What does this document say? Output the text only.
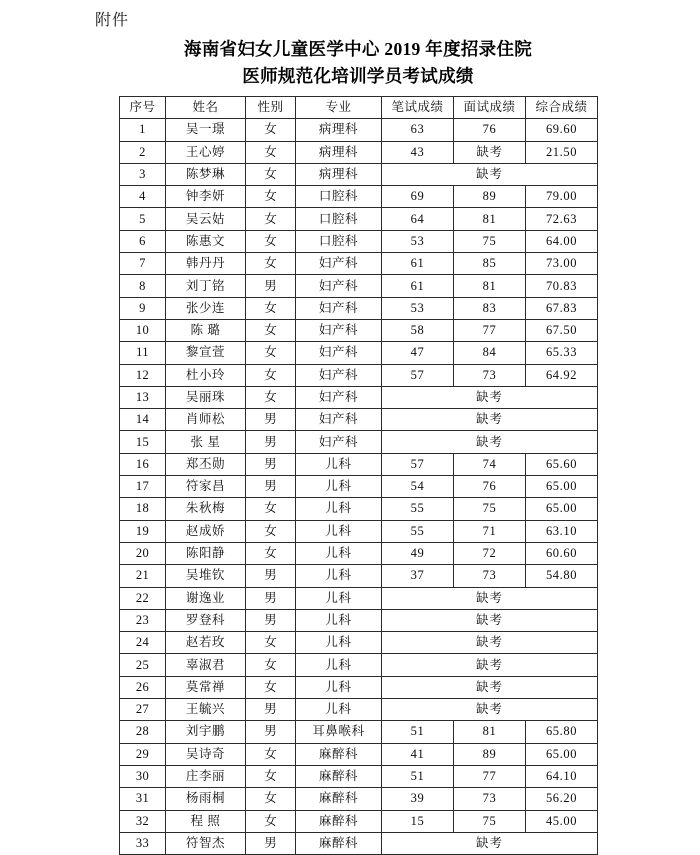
附件
海南省妇女儿童医学中心 2019 年度招录住院
医师规范化培训学员考试成绩
序号	姓名	性别	专业	笔试成绩	面试成绩	综合成绩
1	吴一璟	女	病理科	63	76	69.60
2	王心婷	女	病理科	43	缺考	21.50
3	陈梦琳	女	病理科	缺考		
4	钟李妍	女	口腔科	69	89	79.00
5	吴云姑	女	口腔科	64	81	72.63
6	陈惠文	女	口腔科	53	75	64.00
7	韩丹丹	女	妇产科	61	85	73.00
8	刘丁铭	男	妇产科	61	81	70.83
9	张少连	女	妇产科	53	83	67.83
10	陈 璐	女	妇产科	58	77	67.50
11	黎宣萱	女	妇产科	47	84	65.33
12	杜小玲	女	妇产科	57	73	64.92
13	吴丽珠	女	妇产科	缺考		
14	肖师松	男	妇产科	缺考		
15	张 星	男	妇产科	缺考		
16	郑丕勋	男	儿科	57	74	65.60
17	符家昌	男	儿科	54	76	65.00
18	朱秋梅	女	儿科	55	75	65.00
19	赵成娇	女	儿科	55	71	63.10
20	陈阳静	女	儿科	49	72	60.60
21	吴堆钦	男	儿科	37	73	54.80
22	谢逸业	男	儿科	缺考		
23	罗登科	男	儿科	缺考		
24	赵若玫	女	儿科	缺考		
25	辜淑君	女	儿科	缺考		
26	莫常禅	女	儿科	缺考		
27	王毓兴	男	儿科	缺考		
28	刘宇鹏	男	耳鼻喉科	51	81	65.80
29	吴诗奇	女	麻醉科	41	89	65.00
30	庄李丽	女	麻醉科	51	77	64.10
31	杨雨桐	女	麻醉科	39	73	56.20
32	程 照	女	麻醉科	15	75	45.00
33	符智杰	男	麻醉科	缺考		
